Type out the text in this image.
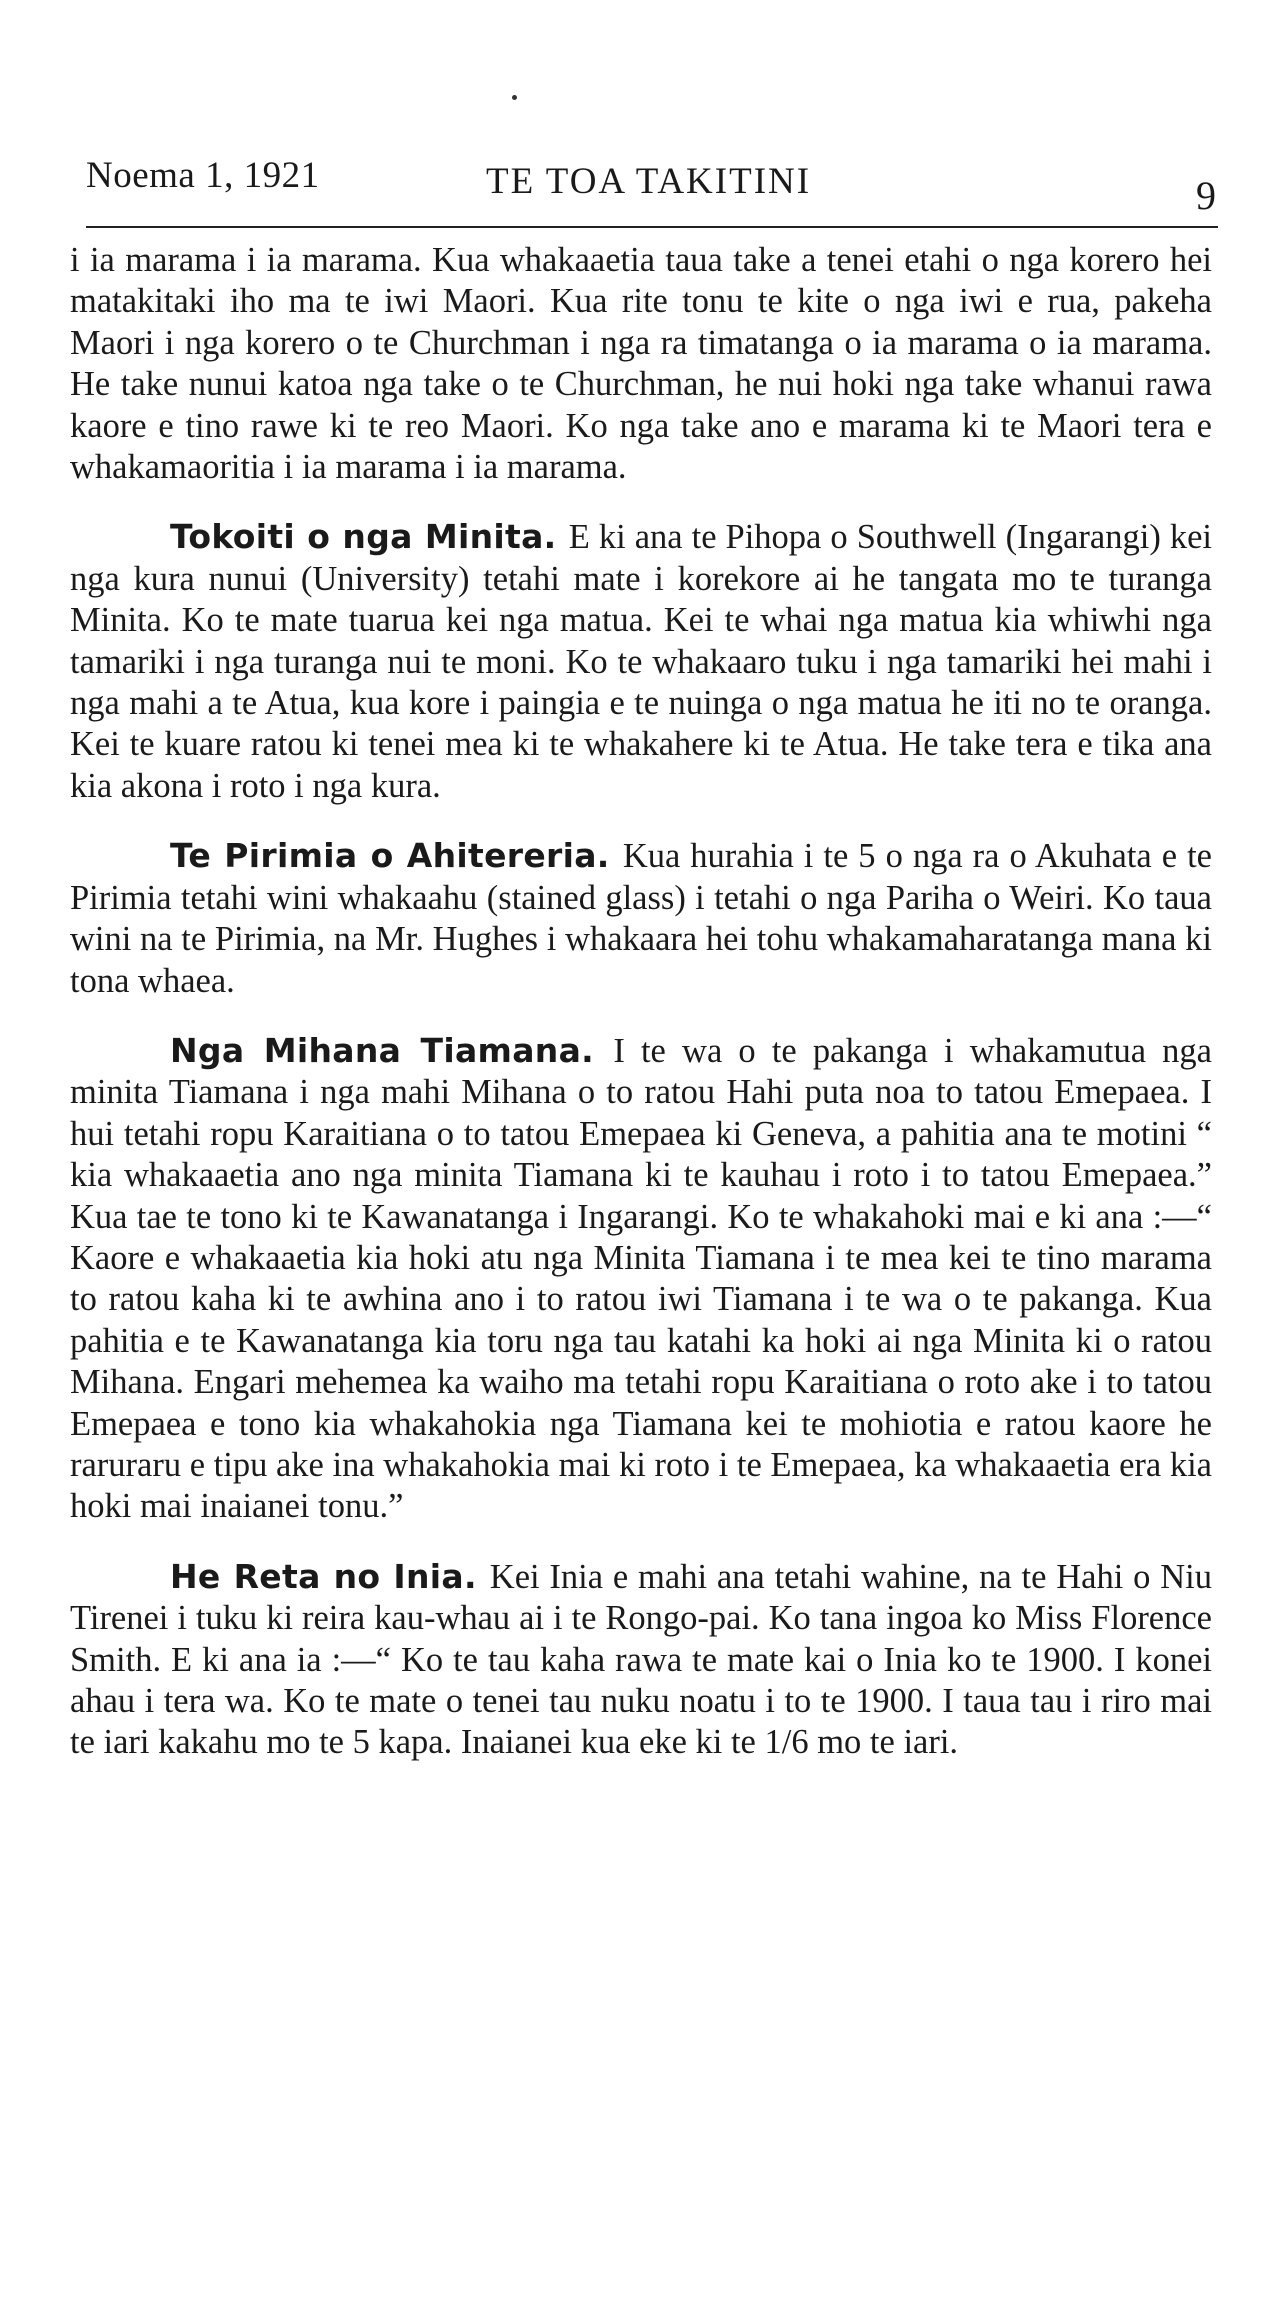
Noema 1, 1921	TE TOA TAKITINI	9

i ia marama i ia marama. Kua whakaaetia taua take a tenei etahi o nga korero hei matakitaki iho ma te iwi Maori. Kua rite tonu te kite o nga iwi e rua, pakeha Maori i nga korero o te Churchman i nga ra timatanga o ia marama o ia marama. He take nunui katoa nga take o te Churchman, he nui hoki nga take whanui rawa kaore e tino rawe ki te reo Maori. Ko nga take ano e marama ki te Maori tera e whakamaoritia i ia marama i ia marama.

Tokoiti o nga Minita. E ki ana te Pihopa o Southwell (Ingarangi) kei nga kura nunui (University) tetahi mate i korekore ai he tangata mo te turanga Minita. Ko te mate tuarua kei nga matua. Kei te whai nga matua kia whiwhi nga tamariki i nga turanga nui te moni. Ko te whakaaro tuku i nga tamariki hei mahi i nga mahi a te Atua, kua kore i paingia e te nuinga o nga matua he iti no te oranga. Kei te kuare ratou ki tenei mea ki te whakahere ki te Atua. He take tera e tika ana kia akona i roto i nga kura.

Te Pirimia o Ahitereria. Kua hurahia i te 5 o nga ra o Akuhata e te Pirimia tetahi wini whakaahu (stained glass) i tetahi o nga Pariha o Weiri. Ko taua wini na te Pirimia, na Mr. Hughes i whakaara hei tohu whakamaharatanga mana ki tona whaea.

Nga Mihana Tiamana. I te wa o te pakanga i whakamutua nga minita Tiamana i nga mahi Mihana o to ratou Hahi puta noa to tatou Emepaea. I hui tetahi ropu Karaitiana o to tatou Emepaea ki Geneva, a pahitia ana te motini “ kia whakaaetia ano nga minita Tiamana ki te kauhau i roto i to tatou Emepaea.” Kua tae te tono ki te Kawanatanga i Ingarangi. Ko te whakahoki mai e ki ana :—“ Kaore e whakaaetia kia hoki atu nga Minita Tiamana i te mea kei te tino marama to ratou kaha ki te awhina ano i to ratou iwi Tiamana i te wa o te pakanga. Kua pahitia e te Kawanatanga kia toru nga tau katahi ka hoki ai nga Minita ki o ratou Mihana. Engari mehemea ka waiho ma tetahi ropu Karaitiana o roto ake i to tatou Emepaea e tono kia whakahokia nga Tiamana kei te mohiotia e ratou kaore he raruraru e tipu ake ina whakahokia mai ki roto i te Emepaea, ka whakaaetia era kia hoki mai inaianei tonu.”

He Reta no Inia. Kei Inia e mahi ana tetahi wahine, na te Hahi o Niu Tirenei i tuku ki reira kau-whau ai i te Rongo-pai. Ko tana ingoa ko Miss Florence Smith. E ki ana ia :—“ Ko te tau kaha rawa te mate kai o Inia ko te 1900. I konei ahau i tera wa. Ko te mate o tenei tau nuku noatu i to te 1900. I taua tau i riro mai te iari kakahu mo te 5 kapa. Inaianei kua eke ki te 1/6 mo te iari.
